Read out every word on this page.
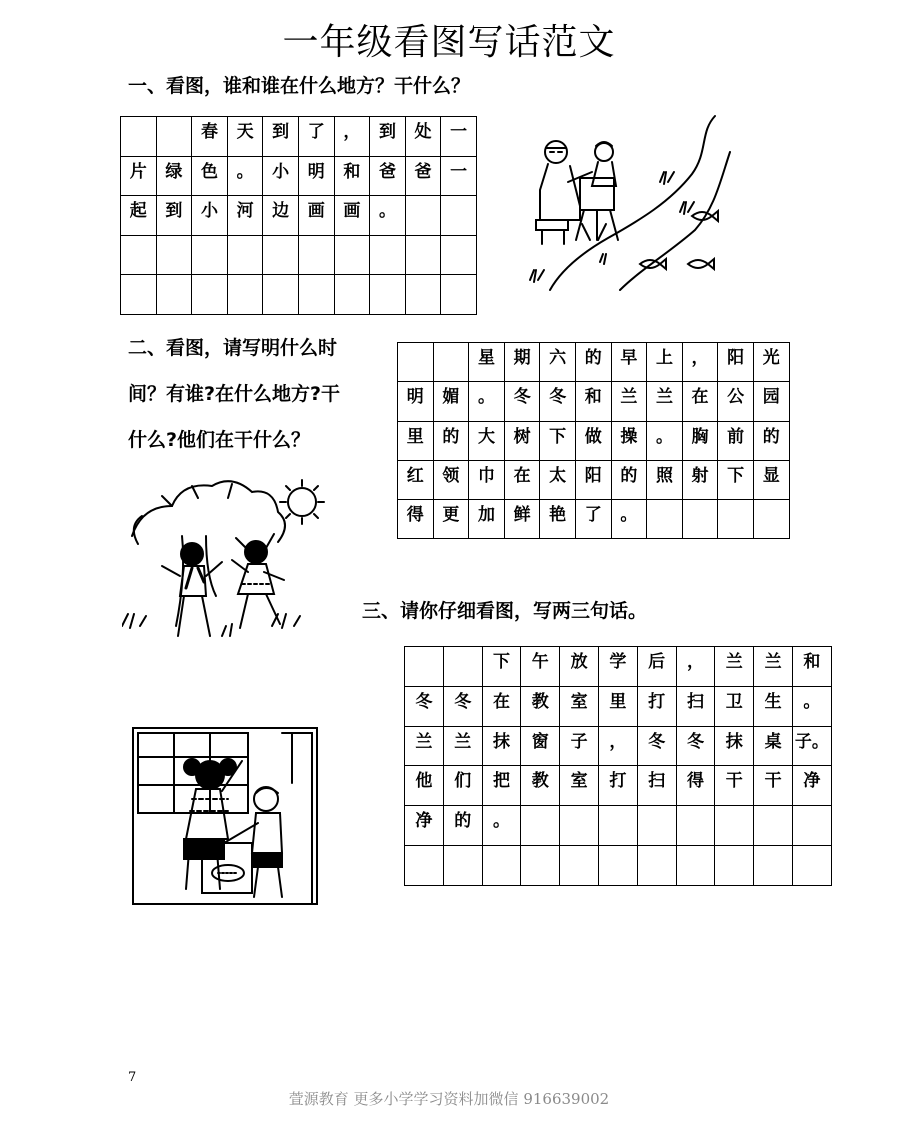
一年级看图写话范文
一、看图，谁和谁在什么地方？干什么？
		春	天	到	了	，	到	处	一
片	绿	色	。	小	明	和	爸	爸	一
起	到	小	河	边	画	画	。		

二、看图，请写明什么时
间？有谁?在什么地方?干
什么?他们在干什么？
		星	期	六	的	早	上	，	阳	光
明	媚	。	冬	冬	和	兰	兰	在	公	园
里	的	大	树	下	做	操	。	胸	前	的
红	领	巾	在	太	阳	的	照	射	下	显
得	更	加	鲜	艳	了	。				
三、请你仔细看图，写两三句话。
		下	午	放	学	后	，	兰	兰	和
冬	冬	在	教	室	里	打	扫	卫	生	。
兰	兰	抹	窗	子	，	冬	冬	抹	桌	子。
他	们	把	教	室	打	扫	得	干	干	净
净	的	。								

7
萱源教育 更多小学学习资料加微信 916639002
